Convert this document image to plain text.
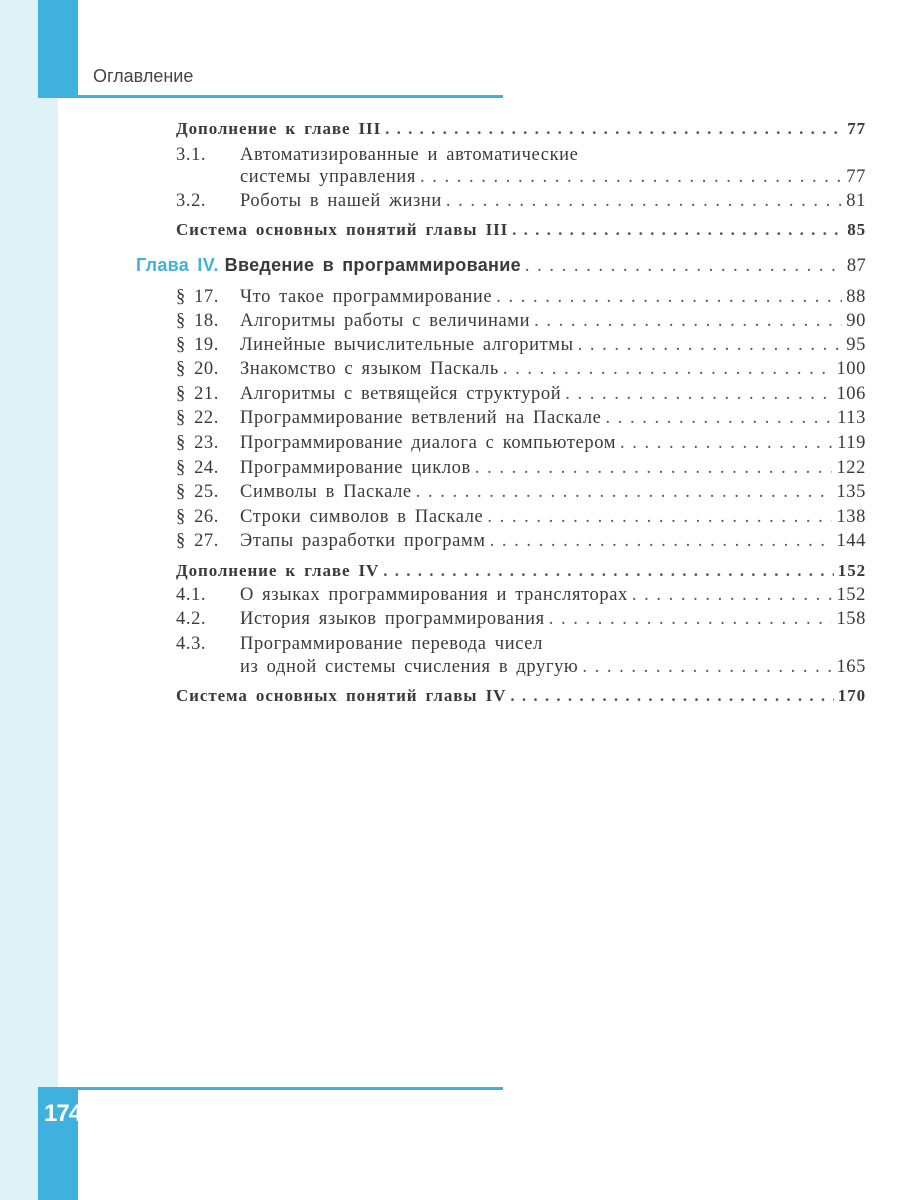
Оглавление
Дополнение к главе III . . .	77
3.1.	Автоматизированные и автоматические
системы управления . . .	77
3.2.	Роботы в нашей жизни . . .	81
Система основных понятий главы III . . .	85
Глава IV. Введение в программирование . . .	87
§ 17.	Что такое программирование . . .	88
§ 18.	Алгоритмы работы с величинами . . .	90
§ 19.	Линейные вычислительные алгоритмы . . .	95
§ 20.	Знакомство с языком Паскаль . . .	100
§ 21.	Алгоритмы с ветвящейся структурой . . .	106
§ 22.	Программирование ветвлений на Паскале . . .	113
§ 23.	Программирование диалога с компьютером . . .	119
§ 24.	Программирование циклов . . .	122
§ 25.	Символы в Паскале . . .	135
§ 26.	Строки символов в Паскале . . .	138
§ 27.	Этапы разработки программ . . .	144
Дополнение к главе IV . . .	152
4.1.	О языках программирования и трансляторах . . .	152
4.2.	История языков программирования . . .	158
4.3.	Программирование перевода чисел
из одной системы счисления в другую . . .	165
Система основных понятий главы IV . . .	170
174
